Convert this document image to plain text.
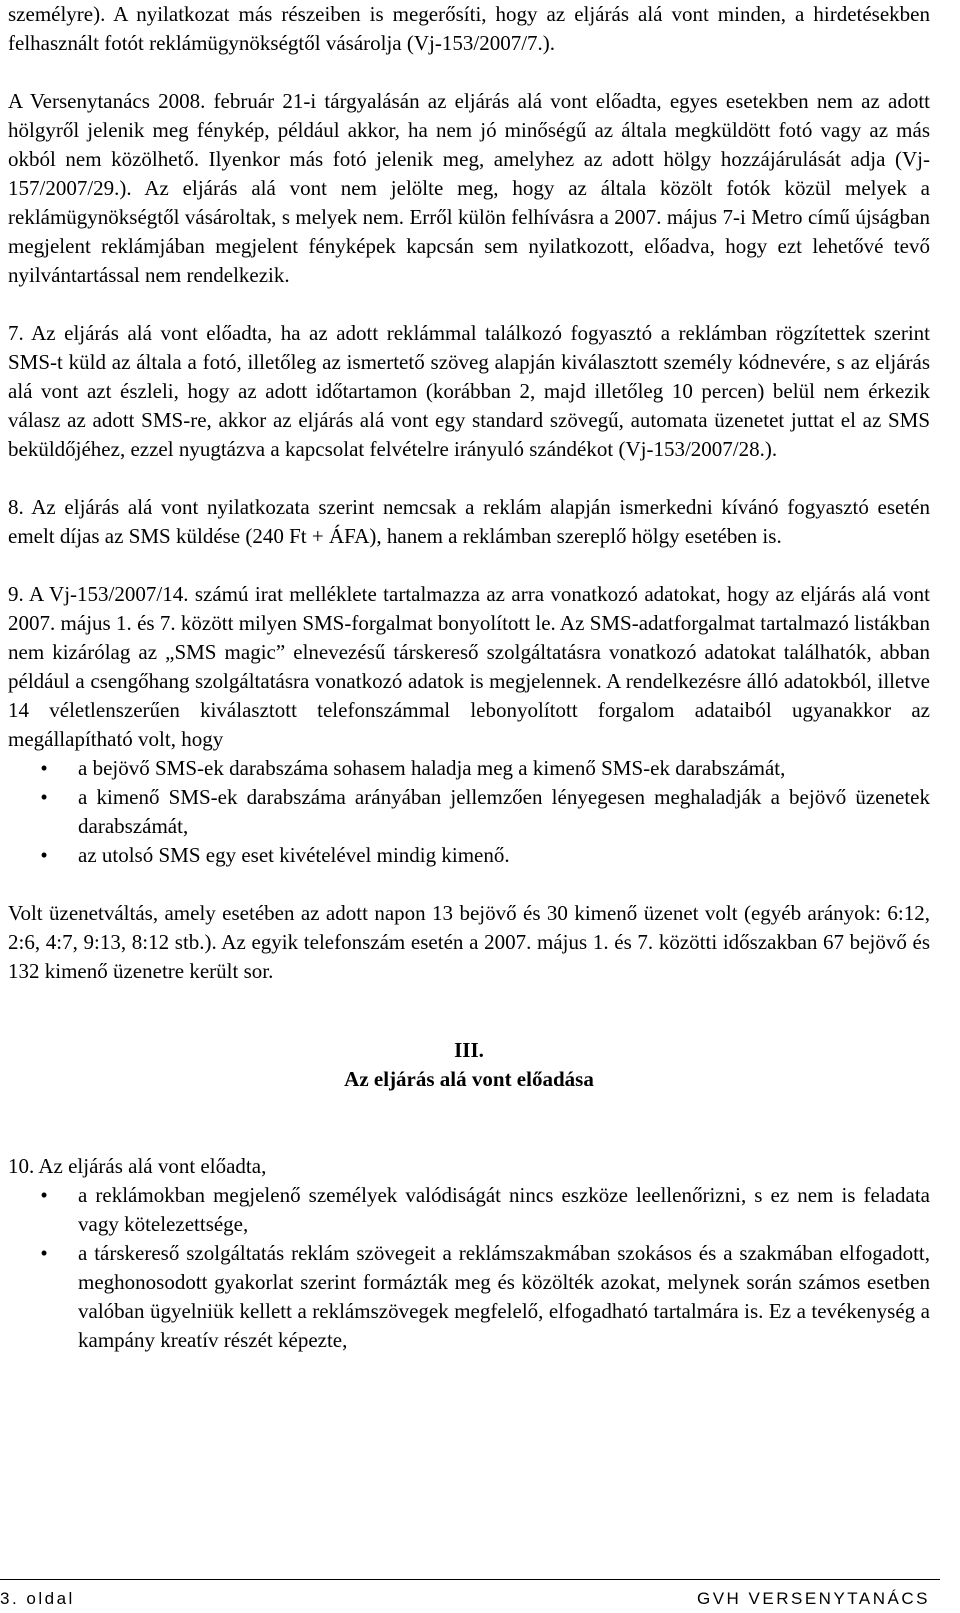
személyre). A nyilatkozat más részeiben is megerősíti, hogy az eljárás alá vont minden, a hirdetésekben felhasznált fotót reklámügynökségtől vásárolja (Vj-153/2007/7.).

A Versenytanács 2008. február 21-i tárgyalásán az eljárás alá vont előadta, egyes esetekben nem az adott hölgyről jelenik meg fénykép, például akkor, ha nem jó minőségű az általa megküldött fotó vagy az más okból nem közölhető. Ilyenkor más fotó jelenik meg, amelyhez az adott hölgy hozzájárulását adja (Vj-157/2007/29.). Az eljárás alá vont nem jelölte meg, hogy az általa közölt fotók közül melyek a reklámügynökségtől vásároltak, s melyek nem. Erről külön felhívásra a 2007. május 7-i Metro című újságban megjelent reklámjában megjelent fényképek kapcsán sem nyilatkozott, előadva, hogy ezt lehetővé tevő nyilvántartással nem rendelkezik.

7. Az eljárás alá vont előadta, ha az adott reklámmal találkozó fogyasztó a reklámban rögzítettek szerint SMS-t küld az általa a fotó, illetőleg az ismertető szöveg alapján kiválasztott személy kódnevére, s az eljárás alá vont azt észleli, hogy az adott időtartamon (korábban 2, majd illetőleg 10 percen) belül nem érkezik válasz az adott SMS-re, akkor az eljárás alá vont egy standard szövegű, automata üzenetet juttat el az SMS beküldőjéhez, ezzel nyugtázva a kapcsolat felvételre irányuló szándékot (Vj-153/2007/28.).

8. Az eljárás alá vont nyilatkozata szerint nemcsak a reklám alapján ismerkedni kívánó fogyasztó esetén emelt díjas az SMS küldése (240 Ft + ÁFA), hanem a reklámban szereplő hölgy esetében is.

9. A Vj-153/2007/14. számú irat melléklete tartalmazza az arra vonatkozó adatokat, hogy az eljárás alá vont 2007. május 1. és 7. között milyen SMS-forgalmat bonyolított le. Az SMS-adatforgalmat tartalmazó listákban nem kizárólag az „SMS magic” elnevezésű társkereső szolgáltatásra vonatkozó adatokat találhatók, abban például a csengőhang szolgáltatásra vonatkozó adatok is megjelennek. A rendelkezésre álló adatokból, illetve 14 véletlenszerűen kiválasztott telefonszámmal lebonyolított forgalom adataiból ugyanakkor az megállapítható volt, hogy

•	a bejövő SMS-ek darabszáma sohasem haladja meg a kimenő SMS-ek darabszámát,
•	a kimenő SMS-ek darabszáma arányában jellemzően lényegesen meghaladják a bejövő üzenetek darabszámát,
•	az utolsó SMS egy eset kivételével mindig kimenő.

Volt üzenetváltás, amely esetében az adott napon 13 bejövő és 30 kimenő üzenet volt (egyéb arányok: 6:12, 2:6, 4:7, 9:13, 8:12 stb.). Az egyik telefonszám esetén a 2007. május 1. és 7. közötti időszakban 67 bejövő és 132 kimenő üzenetre került sor.

III.

Az eljárás alá vont előadása

10. Az eljárás alá vont előadta,

•	a reklámokban megjelenő személyek valódiságát nincs eszköze leellenőrizni, s ez nem is feladata vagy kötelezettsége,
•	a társkereső szolgáltatás reklám szövegeit a reklámszakmában szokásos és a szakmában elfogadott, meghonosodott gyakorlat szerint formázták meg és közölték azokat, melynek során számos esetben valóban ügyelniük kellett a reklámszövegek megfelelő, elfogadható tartalmára is. Ez a tevékenység a kampány kreatív részét képezte,
3. oldal	GVH VERSENYTANÁCS
